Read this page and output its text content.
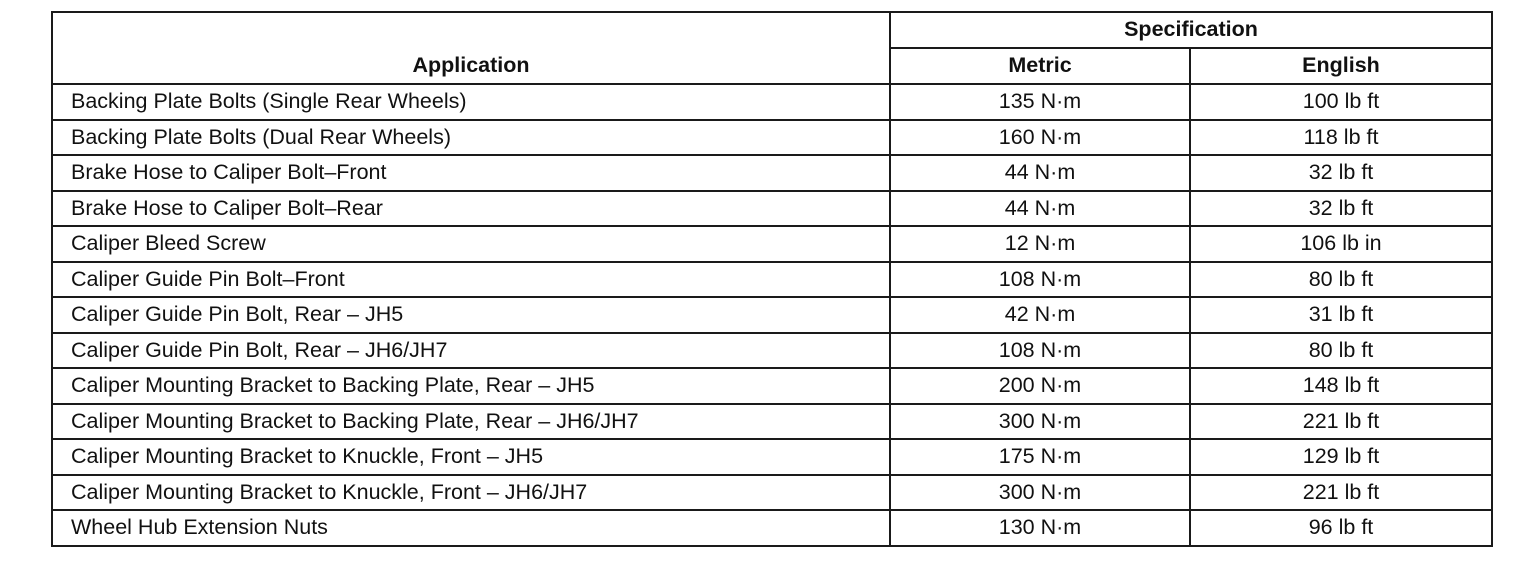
Application	Specification	
	Metric	English
Backing Plate Bolts (Single Rear Wheels)	135 N·m	100 lb ft
Backing Plate Bolts (Dual Rear Wheels)	160 N·m	118 lb ft
Brake Hose to Caliper Bolt–Front	44 N·m	32 lb ft
Brake Hose to Caliper Bolt–Rear	44 N·m	32 lb ft
Caliper Bleed Screw	12 N·m	106 lb in
Caliper Guide Pin Bolt–Front	108 N·m	80 lb ft
Caliper Guide Pin Bolt, Rear – JH5	42 N·m	31 lb ft
Caliper Guide Pin Bolt, Rear – JH6/JH7	108 N·m	80 lb ft
Caliper Mounting Bracket to Backing Plate, Rear – JH5	200 N·m	148 lb ft
Caliper Mounting Bracket to Backing Plate, Rear – JH6/JH7	300 N·m	221 lb ft
Caliper Mounting Bracket to Knuckle, Front – JH5	175 N·m	129 lb ft
Caliper Mounting Bracket to Knuckle, Front – JH6/JH7	300 N·m	221 lb ft
Wheel Hub Extension Nuts	130 N·m	96 lb ft
